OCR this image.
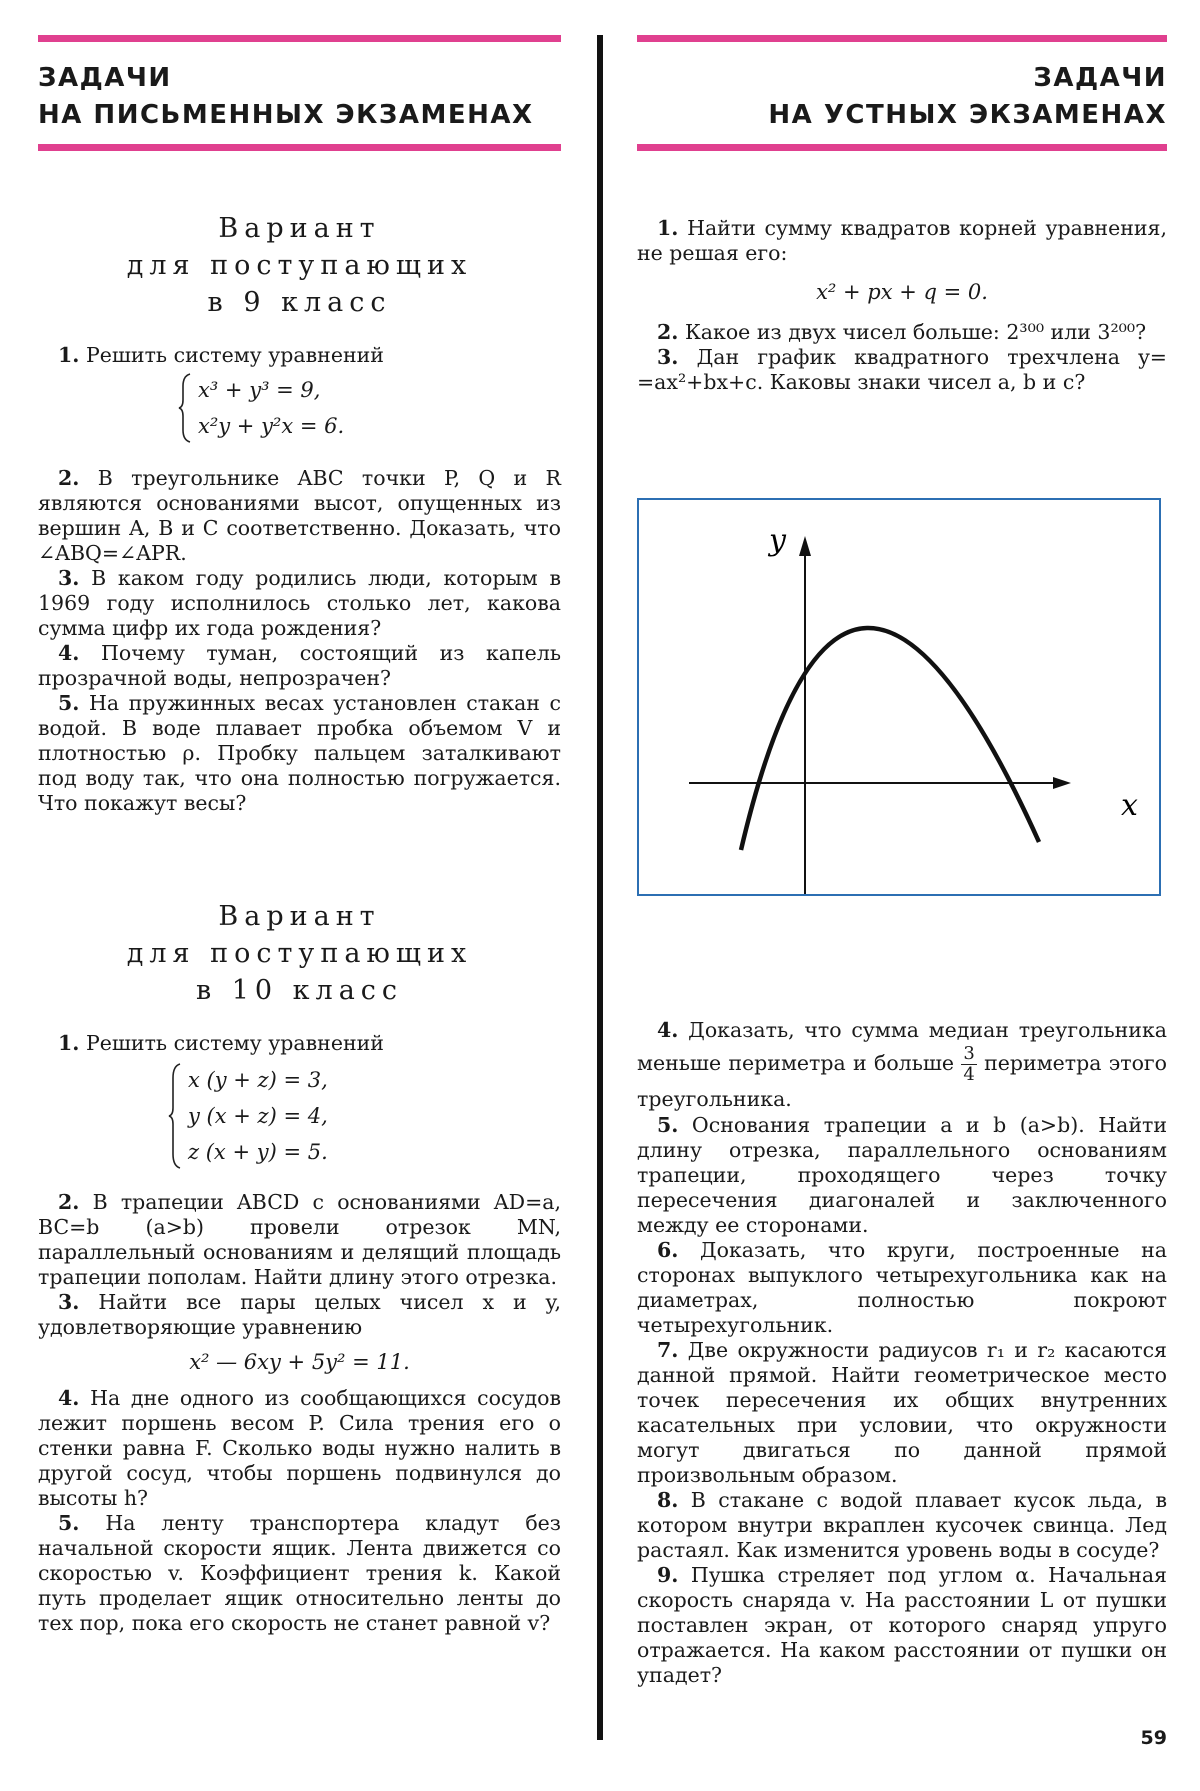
ЗАДАЧИ
НА ПИСЬМЕННЫХ ЭКЗАМЕНАХ
Вариант
для поступающих
в 9 класс

1. Решить систему уравнений

x³ + y³ = 9,
x²y + y²x = 6.

2. В треугольнике ABC точки P, Q и R являются основаниями высот, опущенных из вершин A, B и C соответственно. Доказать, что ∠ABQ=∠APR.

3. В каком году родились люди, которым в 1969 году исполнилось столько лет, какова сумма цифр их года рождения?

4. Почему туман, состоящий из капель прозрачной воды, непрозрачен?

5. На пружинных весах установлен стакан с водой. В воде плавает пробка объемом V и плотностью ρ. Пробку пальцем заталкивают под воду так, что она полностью погружается. Что покажут весы?

Вариант
для поступающих
в 10 класс

1. Решить систему уравнений

x (y + z) = 3,
y (x + z) = 4,
z (x + y) = 5.

2. В трапеции ABCD с основаниями AD=a, BC=b (a>b) провели отрезок MN, параллельный основаниям и делящий площадь трапеции пополам. Найти длину этого отрезка.

3. Найти все пары целых чисел x и y, удовлетворяющие уравнению

x² — 6xy + 5y² = 11.

4. На дне одного из сообщающихся сосудов лежит поршень весом P. Сила трения его о стенки равна F. Сколько воды нужно налить в другой сосуд, чтобы поршень подвинулся до высоты h?

5. На ленту транспортера кладут без начальной скорости ящик. Лента движется со скоростью v. Коэффициент трения k. Какой путь проделает ящик относительно ленты до тех пор, пока его скорость не станет равной v?

ЗАДАЧИ
НА УСТНЫХ ЭКЗАМЕНАХ

1. Найти сумму квадратов корней уравнения, не решая его:

x² + px + q = 0.

2. Какое из двух чисел больше: 2³⁰⁰ или 3²⁰⁰?

3. Дан график квадратного трехчлена y= =ax²+bx+c. Каковы знаки чисел a, b и c?

4. Доказать, что сумма медиан треугольника меньше периметра и больше $\frac{3}{4}$ периметра этого треугольника.

5. Основания трапеции a и b (a>b). Найти длину отрезка, параллельного основаниям трапеции, проходящего через точку пересечения диагоналей и заключенного между ее сторонами.

6. Доказать, что круги, построенные на сторонах выпуклого четырехугольника как на диаметрах, полностью покроют четырехугольник.

7. Две окружности радиусов r₁ и r₂ касаются данной прямой. Найти геометрическое место точек пересечения их общих внутренних касательных при условии, что окружности могут двигаться по данной прямой произвольным образом.

8. В стакане с водой плавает кусок льда, в котором внутри вкраплен кусочек свинца. Лед растаял. Как изменится уровень воды в сосуде?

9. Пушка стреляет под углом α. Начальная скорость снаряда v. На расстоянии L от пушки поставлен экран, от которого снаряд упруго отражается. На каком расстоянии от пушки он упадет?

y
x
59
